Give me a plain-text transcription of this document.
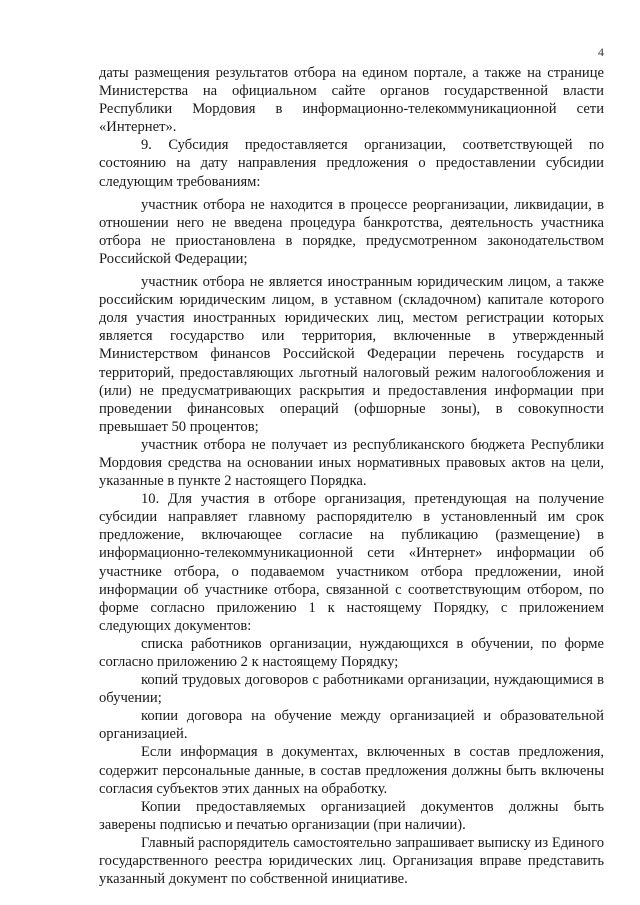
4

даты размещения результатов отбора на едином портале, а также на странице Министерства на официальном сайте органов государственной власти Республики Мордовия в информационно-телекоммуникационной сети «Интернет».

9. Субсидия предоставляется организации, соответствующей по состоянию на дату направления предложения о предоставлении субсидии следующим требованиям:

участник отбора не находится в процессе реорганизации, ликвидации, в отношении него не введена процедура банкротства, деятельность участника отбора не приостановлена в порядке, предусмотренном законодательством Российской Федерации;

участник отбора не является иностранным юридическим лицом, а также российским юридическим лицом, в уставном (складочном) капитале которого доля участия иностранных юридических лиц, местом регистрации которых является государство или территория, включенные в утвержденный Министерством финансов Российской Федерации перечень государств и территорий, предоставляющих льготный налоговый режим налогообложения и (или) не предусматривающих раскрытия и предоставления информации при проведении финансовых операций (офшорные зоны), в совокупности превышает 50 процентов;

участник отбора не получает из республиканского бюджета Республики Мордовия средства на основании иных нормативных правовых актов на цели, указанные в пункте 2 настоящего Порядка.

10. Для участия в отборе организация, претендующая на получение субсидии направляет главному распорядителю в установленный им срок предложение, включающее согласие на публикацию (размещение) в информационно-телекоммуникационной сети «Интернет» информации об участнике отбора, о подаваемом участником отбора предложении, иной информации об участнике отбора, связанной с соответствующим отбором, по форме согласно приложению 1 к настоящему Порядку, с приложением следующих документов:

списка работников организации, нуждающихся в обучении, по форме согласно приложению 2 к настоящему Порядку;

копий трудовых договоров с работниками организации, нуждающимися в обучении;

копии договора на обучение между организацией и образовательной организацией.

Если информация в документах, включенных в состав предложения, содержит персональные данные, в состав предложения должны быть включены согласия субъектов этих данных на обработку.

Копии предоставляемых организацией документов должны быть заверены подписью и печатью организации (при наличии).

Главный распорядитель самостоятельно запрашивает выписку из Единого государственного реестра юридических лиц. Организация вправе представить указанный документ по собственной инициативе.
